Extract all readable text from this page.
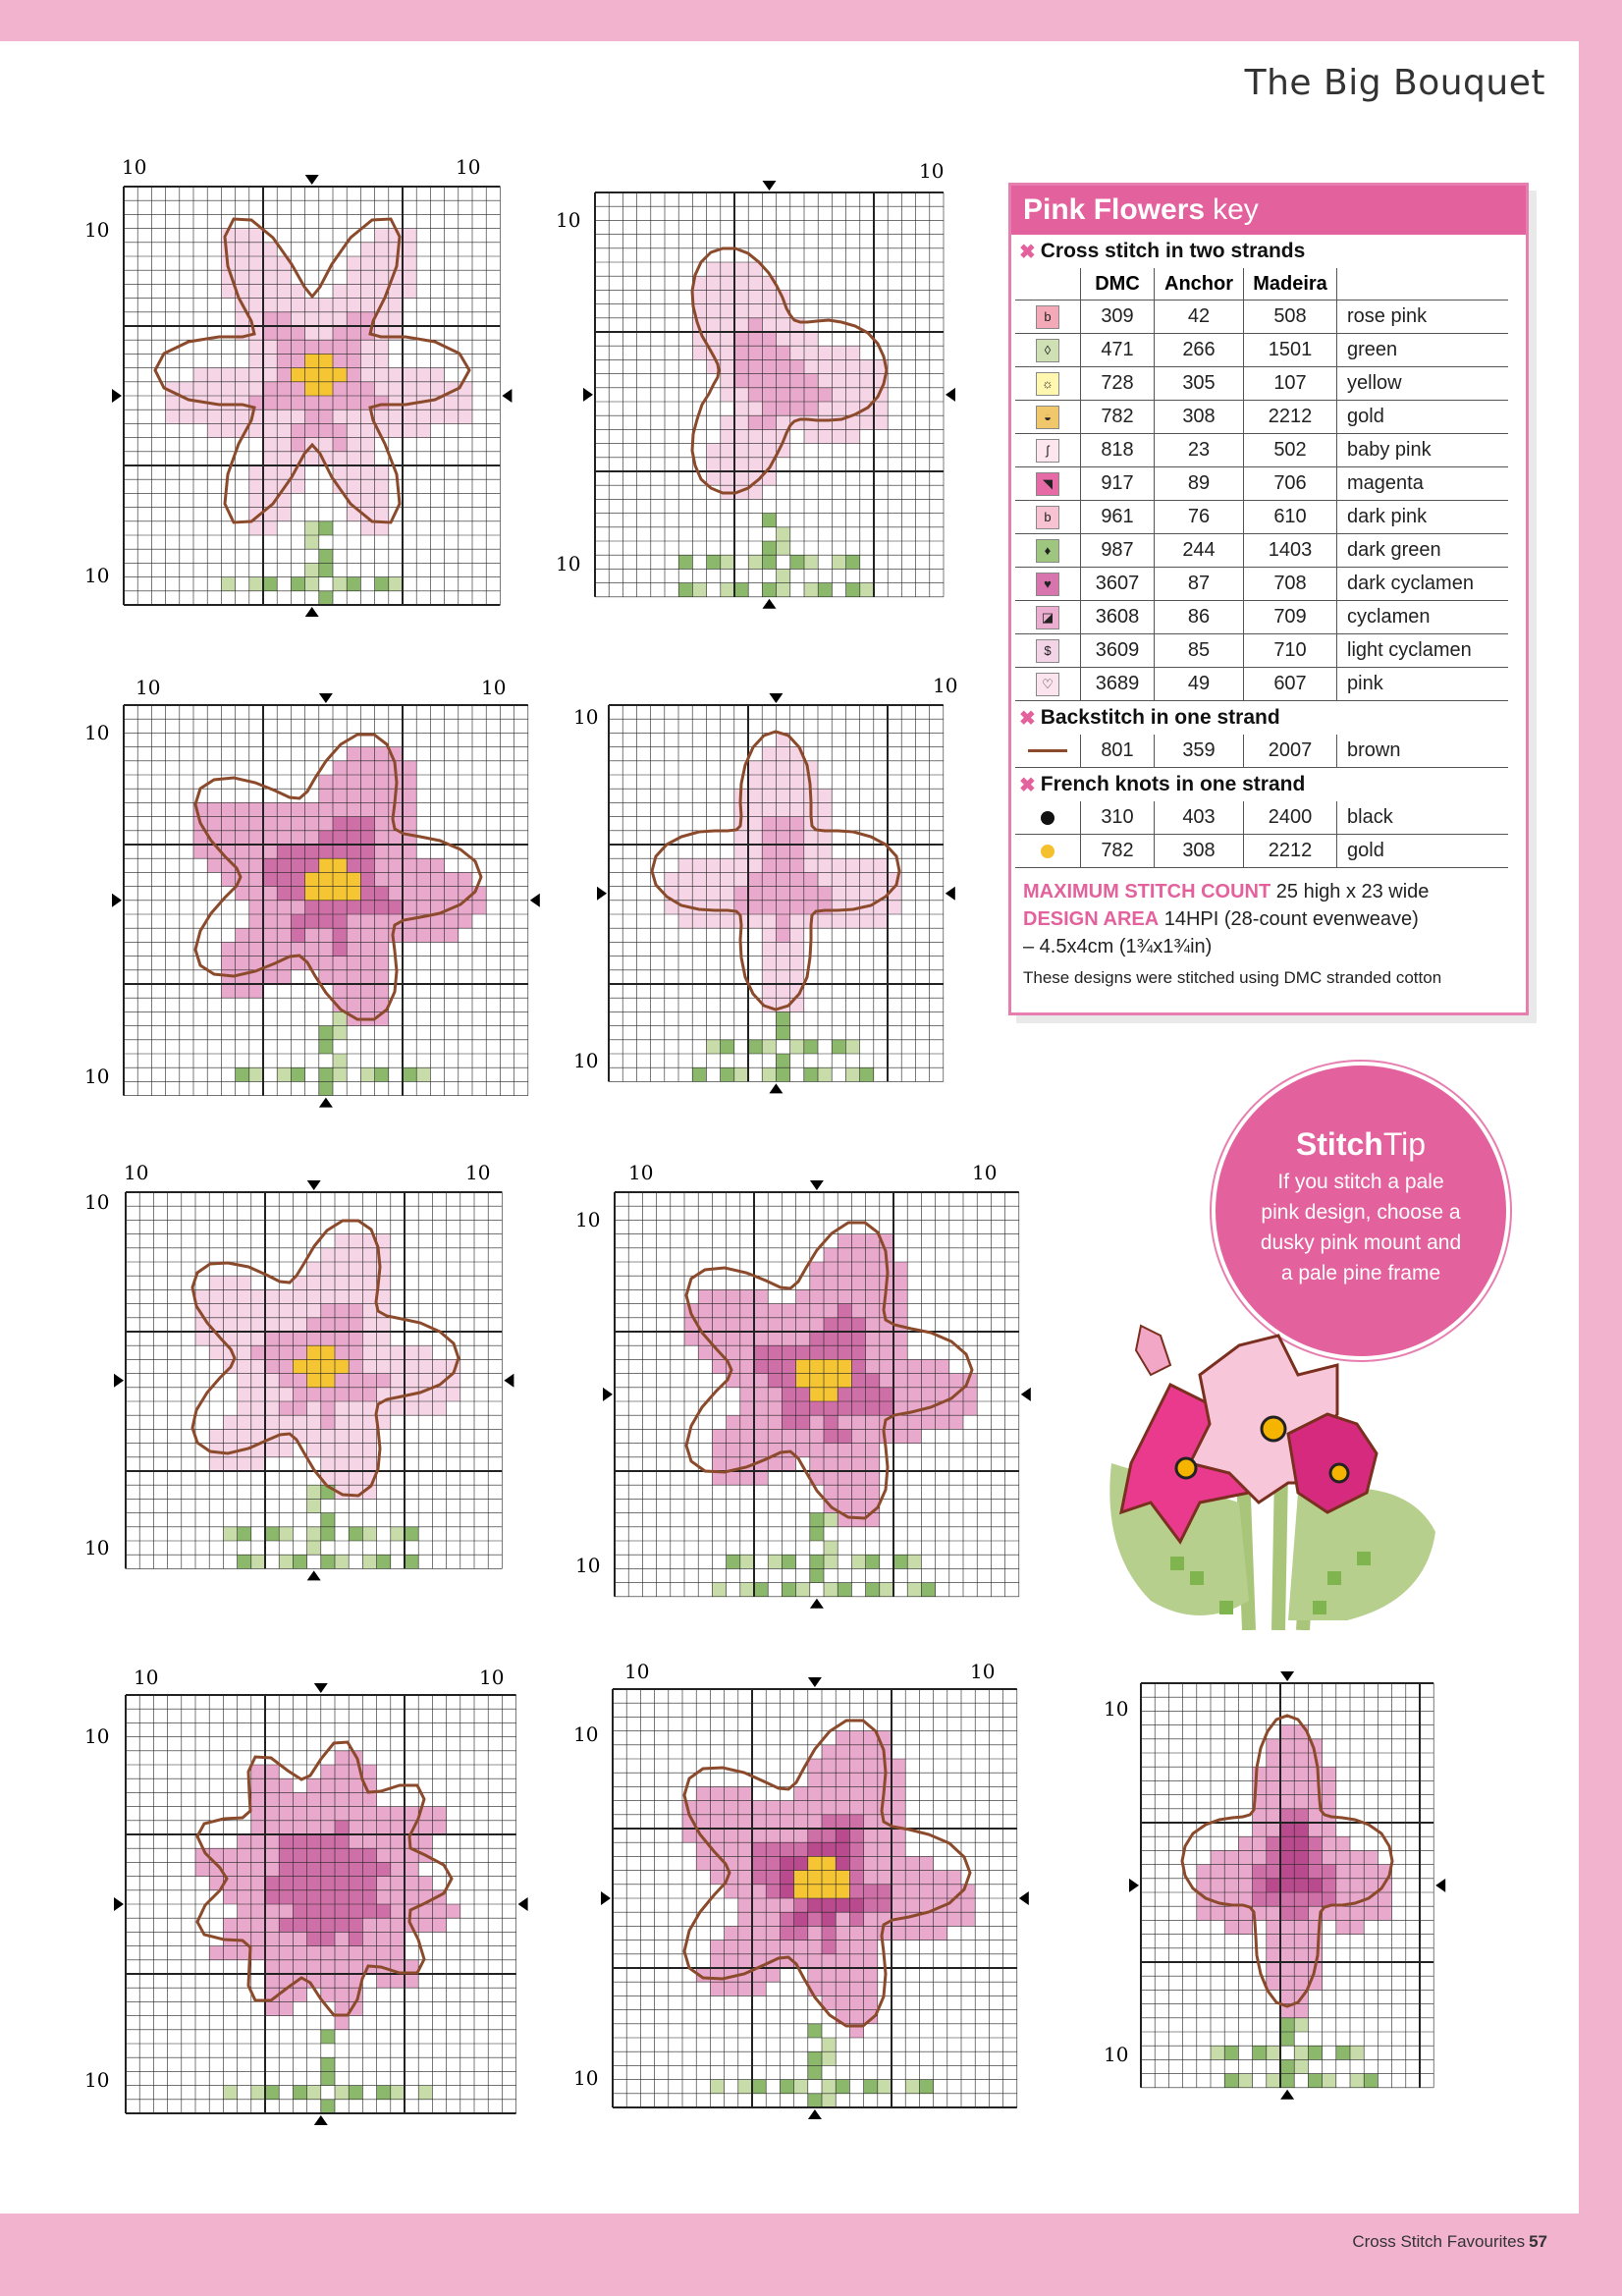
The Big Bouquet
10	10
10
10
10
10
10
10	10
10
10
10
10
10
10	10
10
10
10	10
10
10
10	10
10
10
10	10
10
10
10
10
Pink Flowers key
✖ Cross stitch in two strands
	DMC	Anchor	Madeira	
b	309	42	508	rose pink
◊	471	266	1501	green
☼	728	305	107	yellow
◒	782	308	2212	gold
ʃ	818	23	502	baby pink
◥	917	89	706	magenta
b	961	76	610	dark pink
♦	987	244	1403	dark green
♥	3607	87	708	dark cyclamen
◪	3608	86	709	cyclamen
$	3609	85	710	light cyclamen
♡	3689	49	607	pink
✖ Backstitch in one strand
	801	359	2007	brown
✖ French knots in one strand
	310	403	2400	black
	782	308	2212	gold
MAXIMUM STITCH COUNT 25 high x 23 wide
DESIGN AREA 14HPI (28-count evenweave)
– 4.5x4cm (1¾x1¾in)
These designs were stitched using DMC stranded cotton
StitchTip
If you stitch a pale
pink design, choose a
dusky pink mount and
a pale pine frame
Cross Stitch Favourites 57
